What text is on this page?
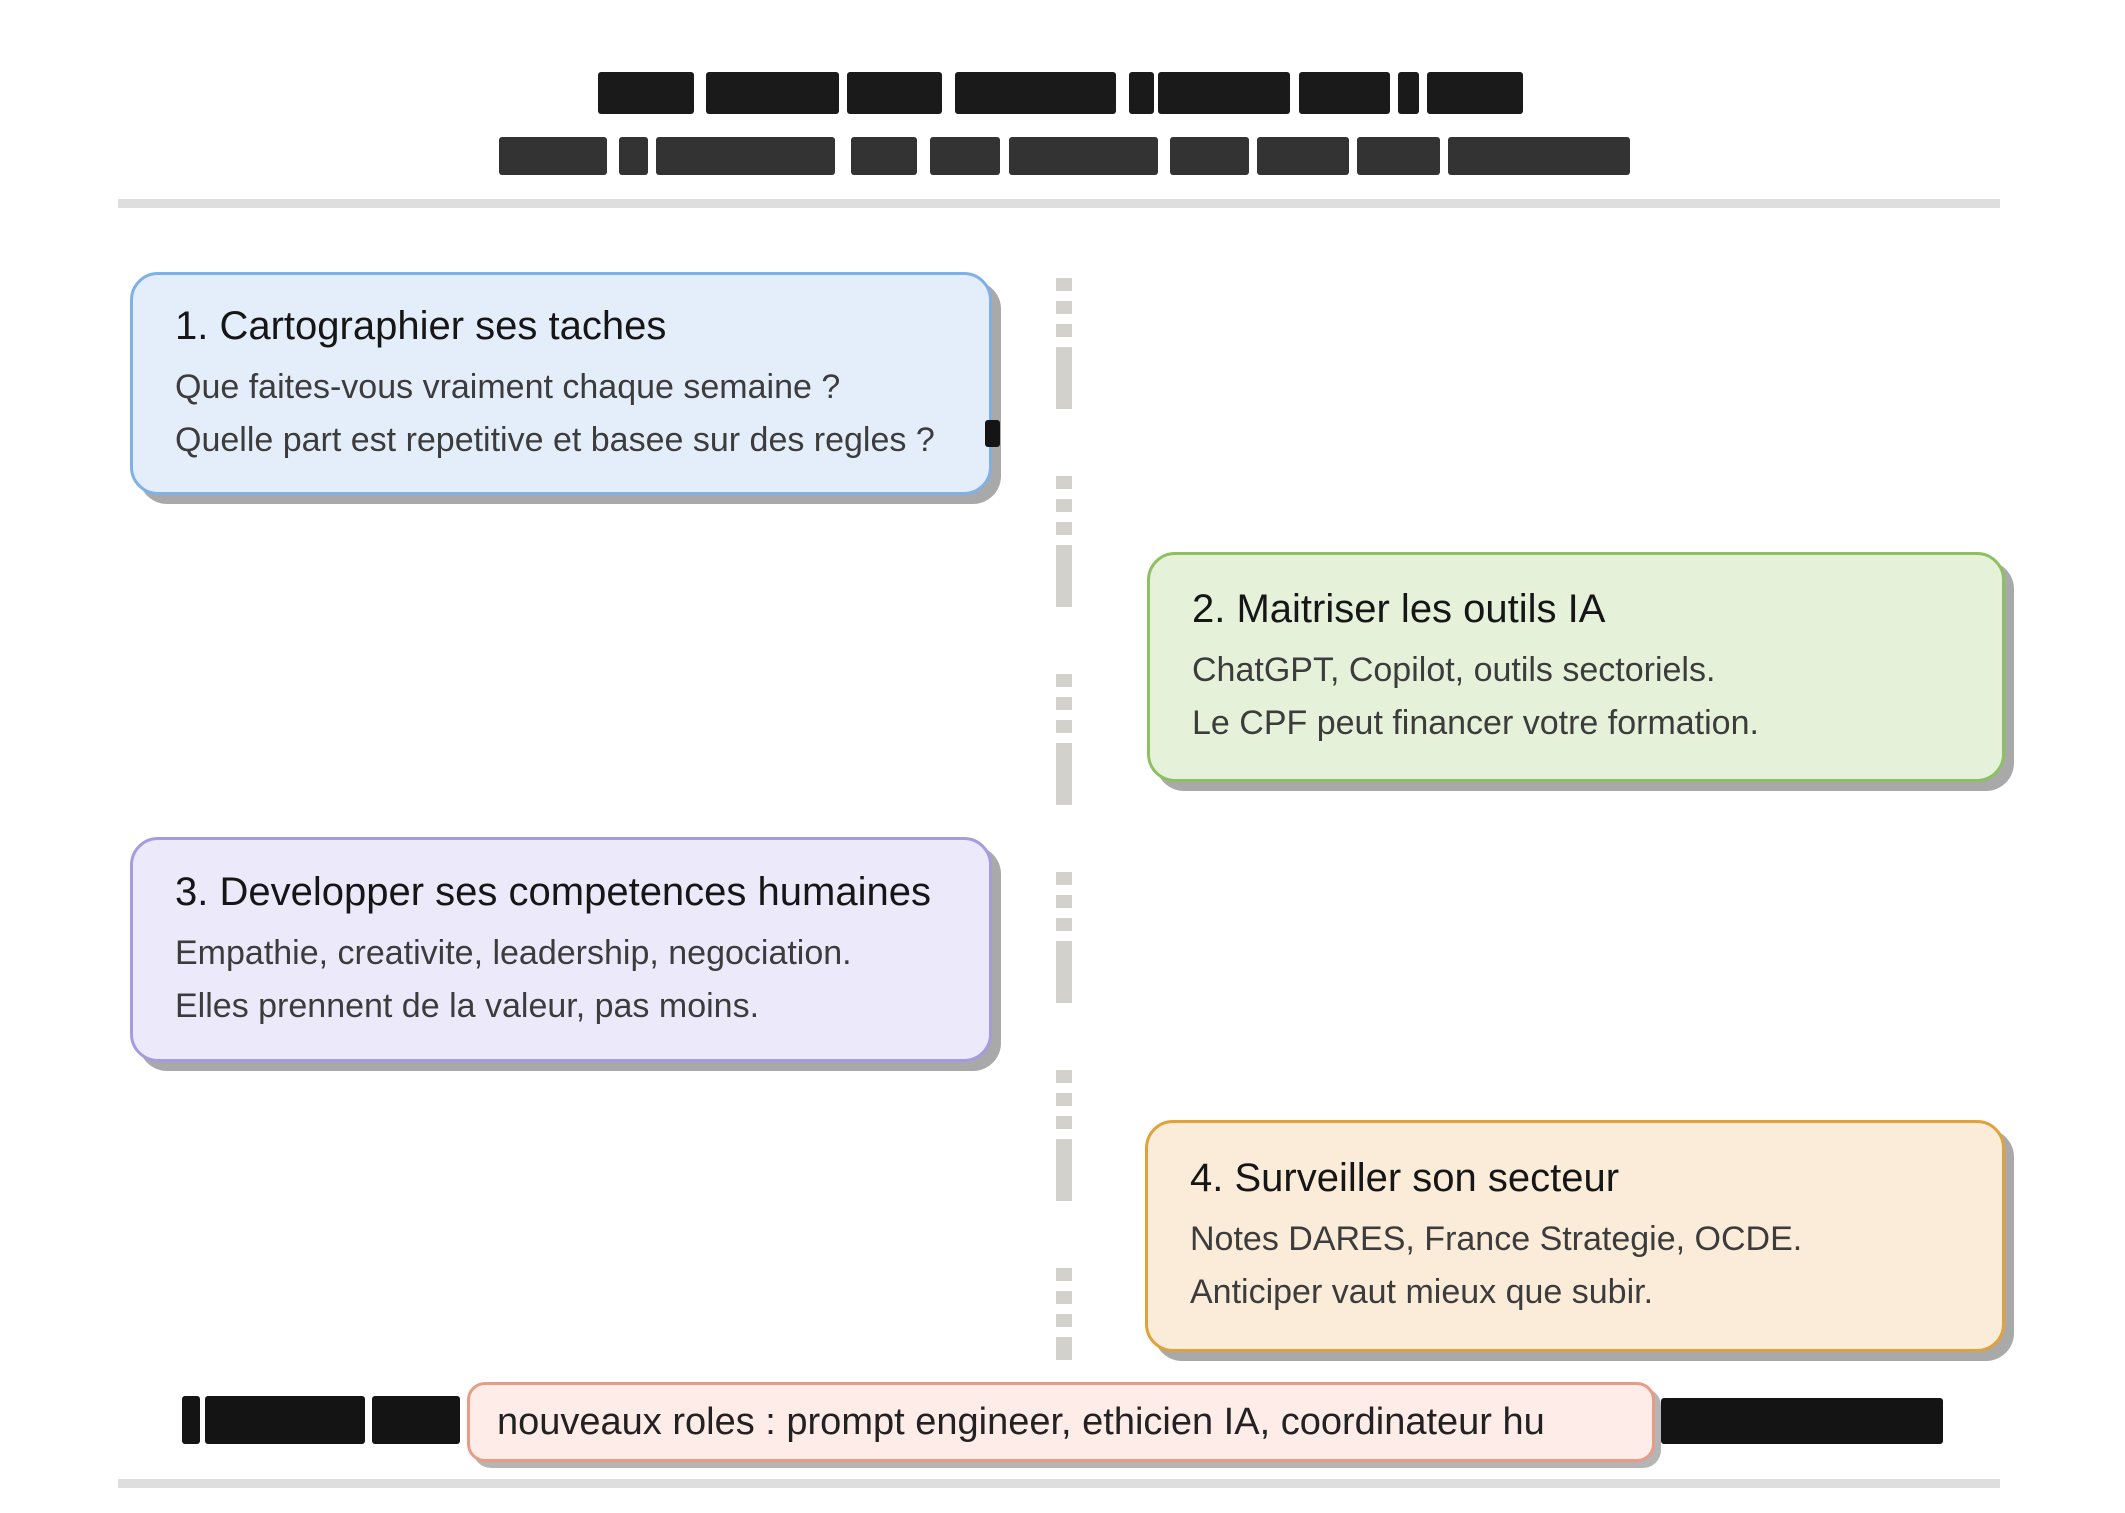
1. Cartographier ses taches
Que faites-vous vraiment chaque semaine ?
Quelle part est repetitive et basee sur des regles ?
2. Maitriser les outils IA
ChatGPT, Copilot, outils sectoriels.
Le CPF peut financer votre formation.
3. Developper ses competences humaines
Empathie, creativite, leadership, negociation.
Elles prennent de la valeur, pas moins.
4. Surveiller son secteur
Notes DARES, France Strategie, OCDE.
Anticiper vaut mieux que subir.
nouveaux roles : prompt engineer, ethicien IA, coordinateur hu
